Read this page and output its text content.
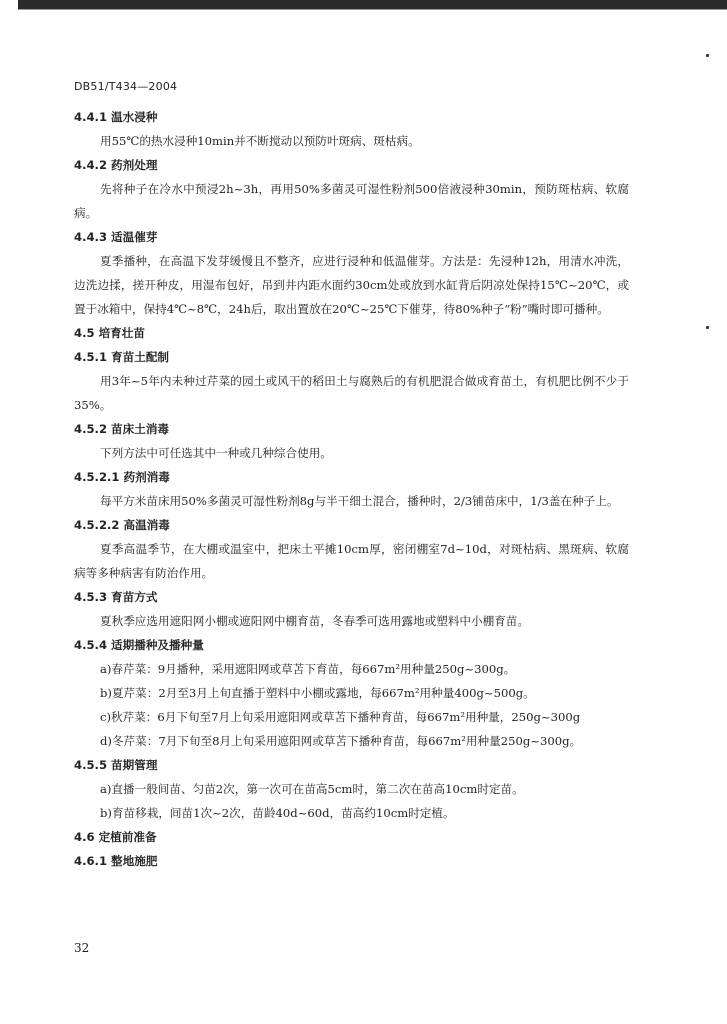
DB51/T434—2004
4.4.1 温水浸种
用55℃的热水浸种10min并不断搅动以预防叶斑病、斑枯病。
4.4.2 药剂处理
先将种子在冷水中预浸2h~3h，再用50%多菌灵可湿性粉剂500倍液浸种30min，预防斑枯病、软腐病。
4.4.3 适温催芽
夏季播种，在高温下发芽缓慢且不整齐，应进行浸种和低温催芽。方法是：先浸种12h，用清水冲洗，边洗边揉，搓开种皮，用湿布包好，吊到井内距水面约30cm处或放到水缸背后阴凉处保持15℃~20℃，或置于冰箱中，保持4℃~8℃，24h后，取出置放在20℃~25℃下催芽，待80%种子“粉”嘴时即可播种。
4.5 培育壮苗
4.5.1 育苗土配制
用3年~5年内未种过芹菜的园土或风干的稻田土与腐熟后的有机肥混合做成育苗土，有机肥比例不少于35%。
4.5.2 苗床土消毒
下列方法中可任选其中一种或几种综合使用。
4.5.2.1 药剂消毒
每平方米苗床用50%多菌灵可湿性粉剂8g与半干细土混合，播种时，2/3铺苗床中，1/3盖在种子上。
4.5.2.2 高温消毒
夏季高温季节，在大棚或温室中，把床土平摊10cm厚，密闭棚室7d~10d，对斑枯病、黑斑病、软腐病等多种病害有防治作用。
4.5.3 育苗方式
夏秋季应选用遮阳网小棚或遮阳网中棚育苗，冬春季可选用露地或塑料中小棚育苗。
4.5.4 适期播种及播种量
a)春芹菜：9月播种，采用遮阳网或草苫下育苗，每667m²用种量250g~300g。
b)夏芹菜：2月至3月上旬直播于塑料中小棚或露地，每667m²用种量400g~500g。
c)秋芹菜：6月下旬至7月上旬采用遮阳网或草苫下播种育苗，每667m²用种量，250g~300g
d)冬芹菜：7月下旬至8月上旬采用遮阳网或草苫下播种育苗，每667m²用种量250g~300g。
4.5.5 苗期管理
a)直播一般间苗、匀苗2次，第一次可在苗高5cm时，第二次在苗高10cm时定苗。
b)育苗移栽，间苗1次~2次，苗龄40d~60d，苗高约10cm时定植。
4.6 定植前准备
4.6.1 整地施肥
32
